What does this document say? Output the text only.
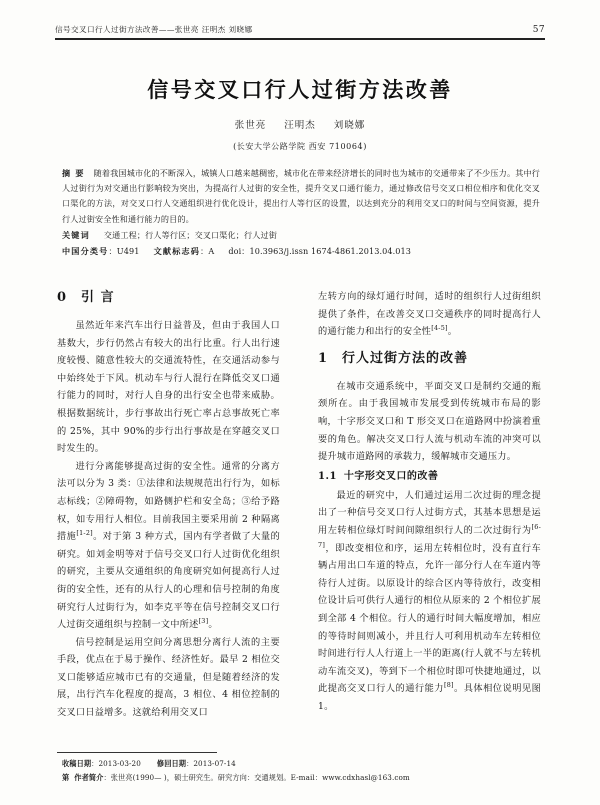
信号交叉口行人过街方法改善——张世亮 汪明杰 刘晓娜	57
信号交叉口行人过街方法改善
张世亮 汪明杰 刘晓娜
(长安大学公路学院 西安 710064)
摘 要 随着我国城市化的不断深入，城镇人口越来越稠密，城市化在带来经济增长的同时也为城市的交通带来了不少压力。其中行人过街行为对交通出行影响较为突出，为提高行人过街的安全性，提升交叉口通行能力，通过修改信号交叉口相位相序和优化交叉口渠化的方法，对交叉口行人交通组织进行优化设计，提出行人等行区的设置，以达到充分的利用交叉口的时间与空间资源，提升行人过街安全性和通行能力的目的。
关键词 交通工程；行人等行区；交叉口渠化；行人过街
中国分类号：U491 文献标志码：A doi：10.3963/j.issn 1674-4861.2013.04.013
0 引 言

虽然近年来汽车出行日益普及，但由于我国人口基数大，步行仍然占有较大的出行比重。行人出行速度较慢、随意性较大的交通流特性，在交通活动参与中始终处于下风。机动车与行人混行在降低交叉口通行能力的同时，对行人自身的出行安全也带来威胁。根据数据统计，步行事故出行死亡率占总事故死亡率的 25%，其中 90%的步行出行事故是在穿越交叉口时发生的。

进行分离能够提高过街的安全性。通常的分离方法可以分为 3 类：①法律和法规规范出行行为，如标志标线；②障碍物，如路侧护栏和安全岛；③给予路权，如专用行人相位。目前我国主要采用前 2 种隔离措施[1-2]。对于第 3 种方式，国内有学者做了大量的研究。如刘金明等对于信号交叉口行人过街优化组织的研究，主要从交通组织的角度研究如何提高行人过街的安全性，还有的从行人的心理和信号控制的角度研究行人过街行为，如李克平等在信号控制交叉口行人过街交通组织与控制一文中所述[3]。

信号控制是运用空间分离思想分离行人流的主要手段，优点在于易于操作、经济性好。最早 2 相位交叉口能够适应城市已有的交通量，但是随着经济的发展，出行汽车化程度的提高，3 相位、4 相位控制的交叉口日益增多。这就给利用交叉口

左转方向的绿灯通行时间，适时的组织行人过街组织提供了条件，在改善交叉口交通秩序的同时提高行人的通行能力和出行的安全性[4-5]。

1 行人过街方法的改善

在城市交通系统中，平面交叉口是制约交通的瓶颈所在。由于我国城市发展受到传统城市布局的影响，十字形交叉口和 T 形交叉口在道路网中扮演着重要的角色。解决交叉口行人流与机动车流的冲突可以提升城市道路网的承载力，缓解城市交通压力。

1.1 十字形交叉口的改善

最近的研究中，人们通过运用二次过街的理念提出了一种信号交叉口行人过街方式，其基本思想是运用左转相位绿灯时间间隙组织行人的二次过街行为[6-7]，即改变相位和序，运用左转相位时，没有直行车辆占用出口车道的特点，允许一部分行人在车道内等待行人过街。以原设计的综合区内等待放行，改变相位设计后可供行人通行的相位从原来的 2 个相位扩展到全部 4 个相位。行人的通行时间大幅度增加，相应的等待时间则减小，并且行人可利用机动车左转相位时间进行行人人行道上一半的距离(行人就不与左转机动车流交叉)，等到下一个相位时即可快捷地通过，以此提高交叉口行人的通行能力[8]。具体相位说明见图 1。

收稿日期：2013-03-20 修回日期：2013-07-14
第 作者简介：张世亮(1990— )，硕士研究生。研究方向：交通规划。E-mail：www.cdxhasl@163.com
